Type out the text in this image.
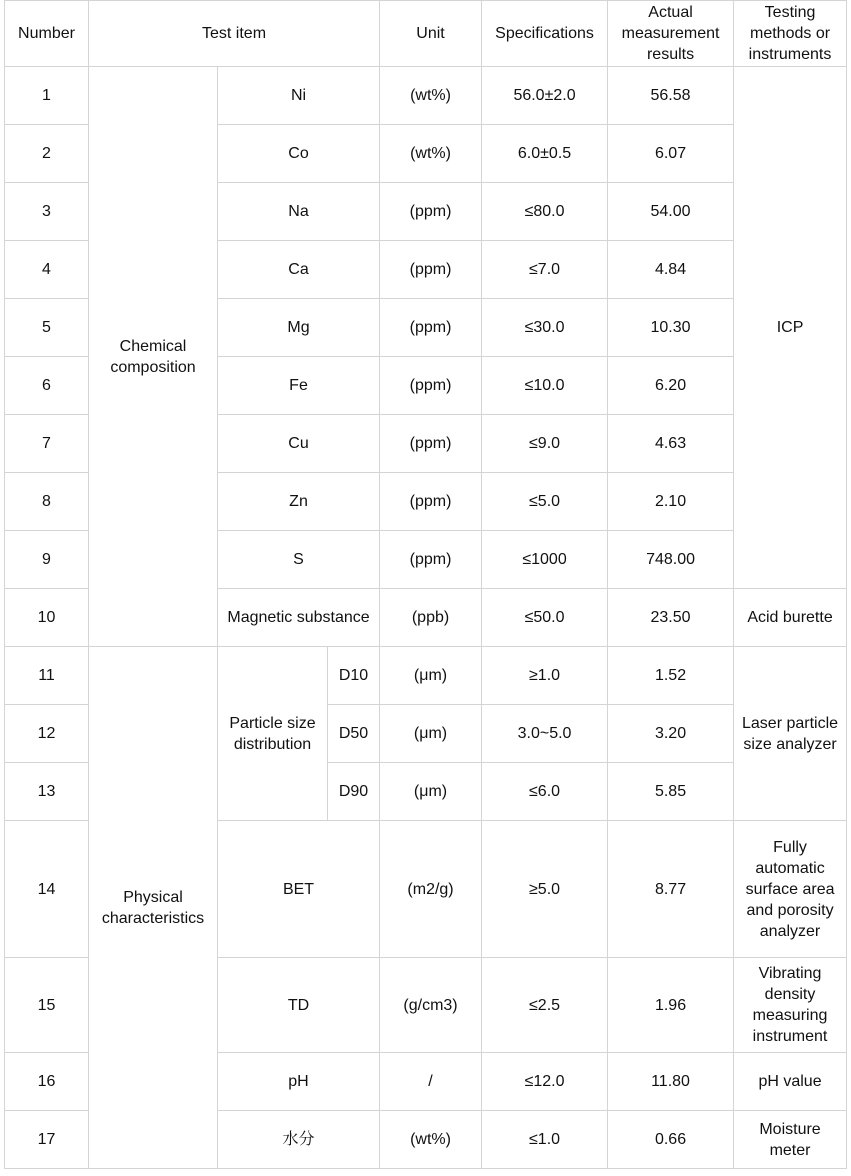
Number	Test item			Unit	Specifications	Actual measurement results	Testing methods or instruments
1	Chemical composition	Ni		(wt%)	56.0±2.0	56.58	ICP
2		Co		(wt%)	6.0±0.5	6.07	
3		Na		(ppm)	≤80.0	54.00	
4		Ca		(ppm)	≤7.0	4.84	
5		Mg		(ppm)	≤30.0	10.30	
6		Fe		(ppm)	≤10.0	6.20	
7		Cu		(ppm)	≤9.0	4.63	
8		Zn		(ppm)	≤5.0	2.10	
9		S		(ppm)	≤1000	748.00	
10		Magnetic substance		(ppb)	≤50.0	23.50	Acid burette
11	Physical characteristics	Particle size distribution	D10	(μm)	≥1.0	1.52	Laser particle size analyzer
12			D50	(μm)	3.0~5.0	3.20	
13			D90	(μm)	≤6.0	5.85	
14		BET		(m2/g)	≥5.0	8.77	Fully automatic surface area and porosity analyzer
15		TD		(g/cm3)	≤2.5	1.96	Vibrating density measuring instrument
16		pH		/	≤12.0	11.80	pH value
17		水分		(wt%)	≤1.0	0.66	Moisture meter
